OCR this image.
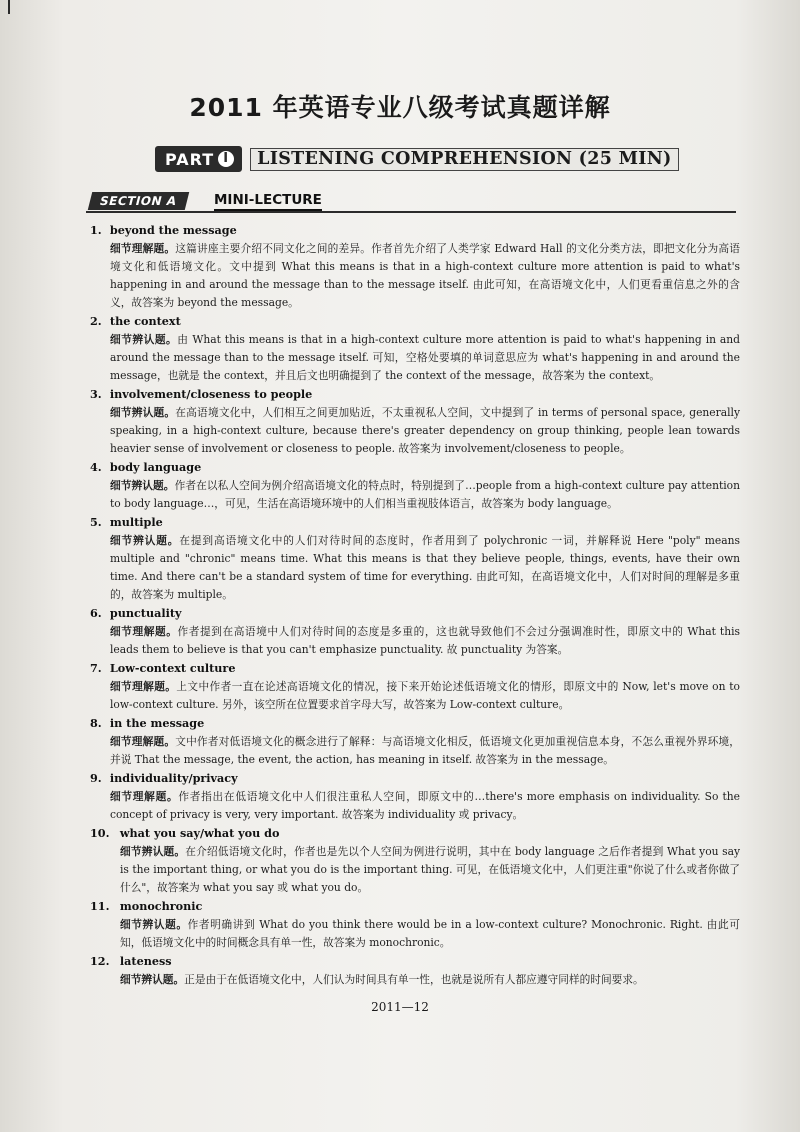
2011 年英语专业八级考试真题详解
PART I	LISTENING COMPREHENSION (25 MIN)
SECTION A	MINI-LECTURE
1. beyond the message
细节理解题。这篇讲座主要介绍不同文化之间的差异。作者首先介绍了人类学家 Edward Hall 的文化分类方法，即把文化分为高语境文化和低语境文化。文中提到 What this means is that in a high-context culture more attention is paid to what's happening in and around the message than to the message itself. 由此可知，在高语境文化中，人们更看重信息之外的含义，故答案为 beyond the message。
2. the context
细节辨认题。由 What this means is that in a high-context culture more attention is paid to what's happening in and around the message than to the message itself. 可知，空格处要填的单词意思应为 what's happening in and around the message，也就是 the context，并且后文也明确提到了 the context of the message，故答案为 the context。
3. involvement/closeness to people
细节辨认题。在高语境文化中，人们相互之间更加贴近，不太重视私人空间，文中提到了 in terms of personal space, generally speaking, in a high-context culture, because there's greater dependency on group thinking, people lean towards heavier sense of involvement or closeness to people. 故答案为 involvement/closeness to people。
4. body language
细节辨认题。作者在以私人空间为例介绍高语境文化的特点时，特别提到了…people from a high-context culture pay attention to body language…，可见，生活在高语境环境中的人们相当重视肢体语言，故答案为 body language。
5. multiple
细节辨认题。在提到高语境文化中的人们对待时间的态度时，作者用到了 polychronic 一词，并解释说 Here "poly" means multiple and "chronic" means time. What this means is that they believe people, things, events, have their own time. And there can't be a standard system of time for everything. 由此可知，在高语境文化中，人们对时间的理解是多重的，故答案为 multiple。
6. punctuality
细节理解题。作者提到在高语境中人们对待时间的态度是多重的，这也就导致他们不会过分强调准时性，即原文中的 What this leads them to believe is that you can't emphasize punctuality. 故 punctuality 为答案。
7. Low-context culture
细节理解题。上文中作者一直在论述高语境文化的情况，接下来开始论述低语境文化的情形，即原文中的 Now, let's move on to low-context culture. 另外，该空所在位置要求首字母大写，故答案为 Low-context culture。
8. in the message
细节理解题。文中作者对低语境文化的概念进行了解释：与高语境文化相反，低语境文化更加重视信息本身，不怎么重视外界环境，并说 That the message, the event, the action, has meaning in itself. 故答案为 in the message。
9. individuality/privacy
细节理解题。作者指出在低语境文化中人们很注重私人空间，即原文中的…there's more emphasis on individuality. So the concept of privacy is very, very important. 故答案为 individuality 或 privacy。
10. what you say/what you do
细节辨认题。在介绍低语境文化时，作者也是先以个人空间为例进行说明，其中在 body language 之后作者提到 What you say is the important thing, or what you do is the important thing. 可见，在低语境文化中，人们更注重"你说了什么或者你做了什么"，故答案为 what you say 或 what you do。
11. monochronic
细节辨认题。作者明确讲到 What do you think there would be in a low-context culture? Monochronic. Right. 由此可知，低语境文化中的时间概念具有单一性，故答案为 monochronic。
12. lateness
细节辨认题。正是由于在低语境文化中，人们认为时间具有单一性，也就是说所有人都应遵守同样的时间要求。
2011—12
